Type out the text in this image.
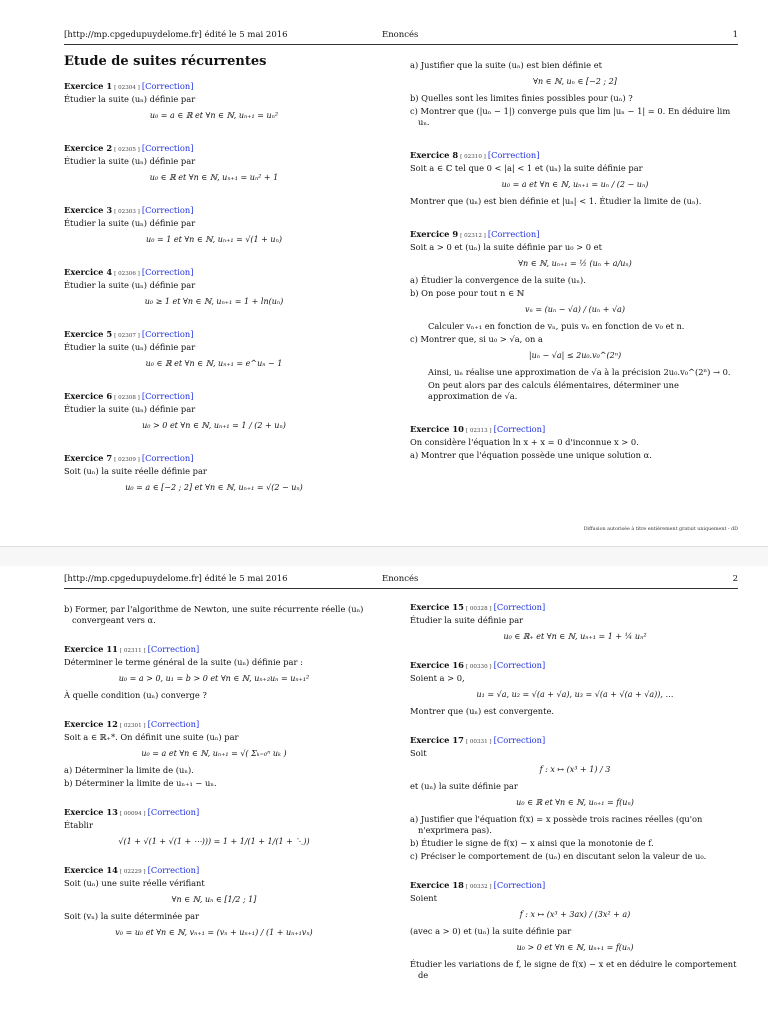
[http://mp.cpgedupuydelome.fr] édité le 5 mai 2016	Enoncés	1
Etude de suites récurrentes
Exercice 1 [ 02304 ] [Correction]
Étudier la suite (uₙ) définie par
u₀ = a ∈ ℝ et ∀n ∈ ℕ, uₙ₊₁ = uₙ²
Exercice 2 [ 02305 ] [Correction]
Étudier la suite (uₙ) définie par
u₀ ∈ ℝ et ∀n ∈ ℕ, uₙ₊₁ = uₙ² + 1
Exercice 3 [ 02303 ] [Correction]
Étudier la suite (uₙ) définie par
u₀ = 1 et ∀n ∈ ℕ, uₙ₊₁ = √(1 + uₙ)
Exercice 4 [ 02306 ] [Correction]
Étudier la suite (uₙ) définie par
u₀ ≥ 1 et ∀n ∈ ℕ, uₙ₊₁ = 1 + ln(uₙ)
Exercice 5 [ 02307 ] [Correction]
Étudier la suite (uₙ) définie par
u₀ ∈ ℝ et ∀n ∈ ℕ, uₙ₊₁ = e^uₙ − 1
Exercice 6 [ 02308 ] [Correction]
Étudier la suite (uₙ) définie par
u₀ > 0 et ∀n ∈ ℕ, uₙ₊₁ = 1 / (2 + uₙ)
Exercice 7 [ 02309 ] [Correction]
Soit (uₙ) la suite réelle définie par
u₀ = a ∈ [−2 ; 2] et ∀n ∈ ℕ, uₙ₊₁ = √(2 − uₙ)
a) Justifier que la suite (uₙ) est bien définie et
∀n ∈ ℕ, uₙ ∈ [−2 ; 2]
b) Quelles sont les limites finies possibles pour (uₙ) ?
c) Montrer que (|uₙ − 1|) converge puis que lim |uₙ − 1| = 0. En déduire lim uₙ.
Exercice 8 [ 02310 ] [Correction]
Soit a ∈ ℂ tel que 0 < |a| < 1 et (uₙ) la suite définie par
u₀ = a et ∀n ∈ ℕ, uₙ₊₁ = uₙ / (2 − uₙ)
Montrer que (uₙ) est bien définie et |uₙ| < 1. Étudier la limite de (uₙ).
Exercice 9 [ 02312 ] [Correction]
Soit a > 0 et (uₙ) la suite définie par u₀ > 0 et
∀n ∈ ℕ, uₙ₊₁ = ½ (uₙ + a/uₙ)
a) Étudier la convergence de la suite (uₙ).
b) On pose pour tout n ∈ ℕ
vₙ = (uₙ − √a) / (uₙ + √a)
Calculer vₙ₊₁ en fonction de vₙ, puis vₙ en fonction de v₀ et n.
c) Montrer que, si u₀ > √a, on a
|uₙ − √a| ≤ 2u₀.v₀^(2ⁿ)
Ainsi, uₙ réalise une approximation de √a à la précision 2u₀.v₀^(2ⁿ) → 0.
On peut alors par des calculs élémentaires, déterminer une approximation de √a.
Exercice 10 [ 02313 ] [Correction]
On considère l'équation ln x + x = 0 d'inconnue x > 0.
a) Montrer que l'équation possède une unique solution α.
Diffusion autorisée à titre entièrement gratuit uniquement - dD
[http://mp.cpgedupuydelome.fr] édité le 5 mai 2016	Enoncés	2
b) Former, par l'algorithme de Newton, une suite récurrente réelle (uₙ) convergeant vers α.
Exercice 11 [ 02311 ] [Correction]
Déterminer le terme général de la suite (uₙ) définie par :
u₀ = a > 0, u₁ = b > 0 et ∀n ∈ ℕ, uₙ₊₂uₙ = uₙ₊₁²
À quelle condition (uₙ) converge ?
Exercice 12 [ 02301 ] [Correction]
Soit a ∈ ℝ₊*. On définit une suite (uₙ) par
u₀ = a et ∀n ∈ ℕ, uₙ₊₁ = √( Σₖ₌₀ⁿ uₖ )
a) Déterminer la limite de (uₙ).
b) Déterminer la limite de uₙ₊₁ − uₙ.
Exercice 13 [ 00094 ] [Correction]
Établir
√(1 + √(1 + √(1 + ⋯))) = 1 + 1/(1 + 1/(1 + ⋱))
Exercice 14 [ 02229 ] [Correction]
Soit (uₙ) une suite réelle vérifiant
∀n ∈ ℕ, uₙ ∈ [1/2 ; 1]
Soit (vₙ) la suite déterminée par
v₀ = u₀ et ∀n ∈ ℕ, vₙ₊₁ = (vₙ + uₙ₊₁) / (1 + uₙ₊₁vₙ)
Exercice 15 [ 00328 ] [Correction]
Étudier la suite définie par
u₀ ∈ ℝ₊ et ∀n ∈ ℕ, uₙ₊₁ = 1 + ¼ uₙ²
Exercice 16 [ 00330 ] [Correction]
Soient a > 0,
u₁ = √a, u₂ = √(a + √a), u₃ = √(a + √(a + √a)), …
Montrer que (uₙ) est convergente.
Exercice 17 [ 00331 ] [Correction]
Soit
f : x ↦ (x³ + 1) / 3
et (uₙ) la suite définie par
u₀ ∈ ℝ et ∀n ∈ ℕ, uₙ₊₁ = f(uₙ)
a) Justifier que l'équation f(x) = x possède trois racines réelles (qu'on n'exprimera pas).
b) Étudier le signe de f(x) − x ainsi que la monotonie de f.
c) Préciser le comportement de (uₙ) en discutant selon la valeur de u₀.
Exercice 18 [ 00332 ] [Correction]
Soient
f : x ↦ (x³ + 3ax) / (3x² + a)
(avec a > 0) et (uₙ) la suite définie par
u₀ > 0 et ∀n ∈ ℕ, uₙ₊₁ = f(uₙ)
Étudier les variations de f, le signe de f(x) − x et en déduire le comportement de
